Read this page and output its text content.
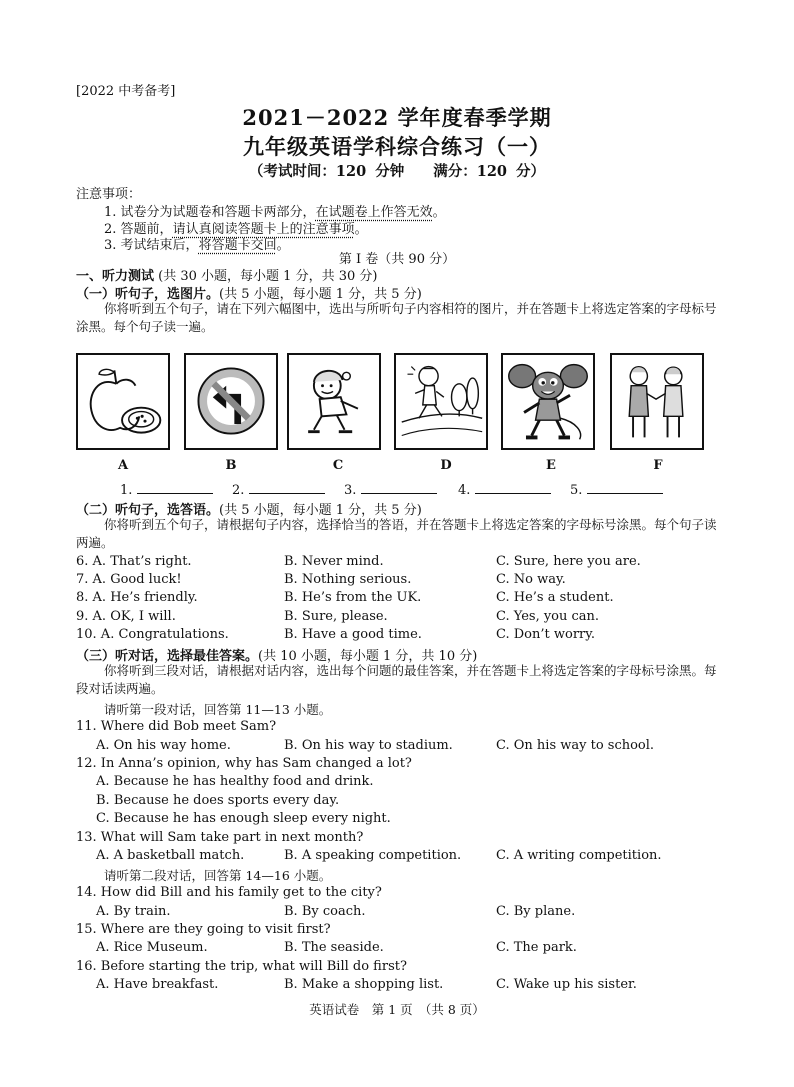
[2022 中考备考]
2021－2022 学年度春季学期
九年级英语学科综合练习（一）
（考试时间：120 分钟　　满分：120 分）
注意事项：
1. 试卷分为试题卷和答题卡两部分，在试题卷上作答无效。
2. 答题前，请认真阅读答题卡上的注意事项。
3. 考试结束后，将答题卡交回。
第 I 卷（共 90 分）
一、听力测试 (共 30 小题，每小题 1 分，共 30 分)
（一）听句子，选图片。(共 5 小题，每小题 1 分，共 5 分)
你将听到五个句子，请在下列六幅图中，选出与所听句子内容相符的图片，并在答题卡上将选定答案的字母标号涂黑。每个句子读一遍。
A	B	C	D	E	F
1.	2.	3.	4.	5.
（二）听句子，选答语。(共 5 小题，每小题 1 分，共 5 分)
你将听到五个句子，请根据句子内容，选择恰当的答语，并在答题卡上将选定答案的字母标号涂黑。每个句子读两遍。
6. A. That’s right.	B. Never mind.	C. Sure, here you are.
7. A. Good luck!	B. Nothing serious.	C. No way.
8. A. He’s friendly.	B. He’s from the UK.	C. He’s a student.
9. A. OK, I will.	B. Sure, please.	C. Yes, you can.
10. A. Congratulations.	B. Have a good time.	C. Don’t worry.
（三）听对话，选择最佳答案。(共 10 小题，每小题 1 分，共 10 分)
你将听到三段对话，请根据对话内容，选出每个问题的最佳答案，并在答题卡上将选定答案的字母标号涂黑。每段对话读两遍。
请听第一段对话，回答第 11—13 小题。
11. Where did Bob meet Sam?
A. On his way home.	B. On his way to stadium.	C. On his way to school.
12. In Anna’s opinion, why has Sam changed a lot?
A. Because he has healthy food and drink.
B. Because he does sports every day.
C. Because he has enough sleep every night.
13. What will Sam take part in next month?
A. A basketball match.	B. A speaking competition.	C. A writing competition.
请听第二段对话，回答第 14—16 小题。
14. How did Bill and his family get to the city?
A. By train.	B. By coach.	C. By plane.
15. Where are they going to visit first?
A. Rice Museum.	B. The seaside.	C. The park.
16. Before starting the trip, what will Bill do first?
A. Have breakfast.	B. Make a shopping list.	C. Wake up his sister.
英语试卷　第 1 页　（共 8 页）
